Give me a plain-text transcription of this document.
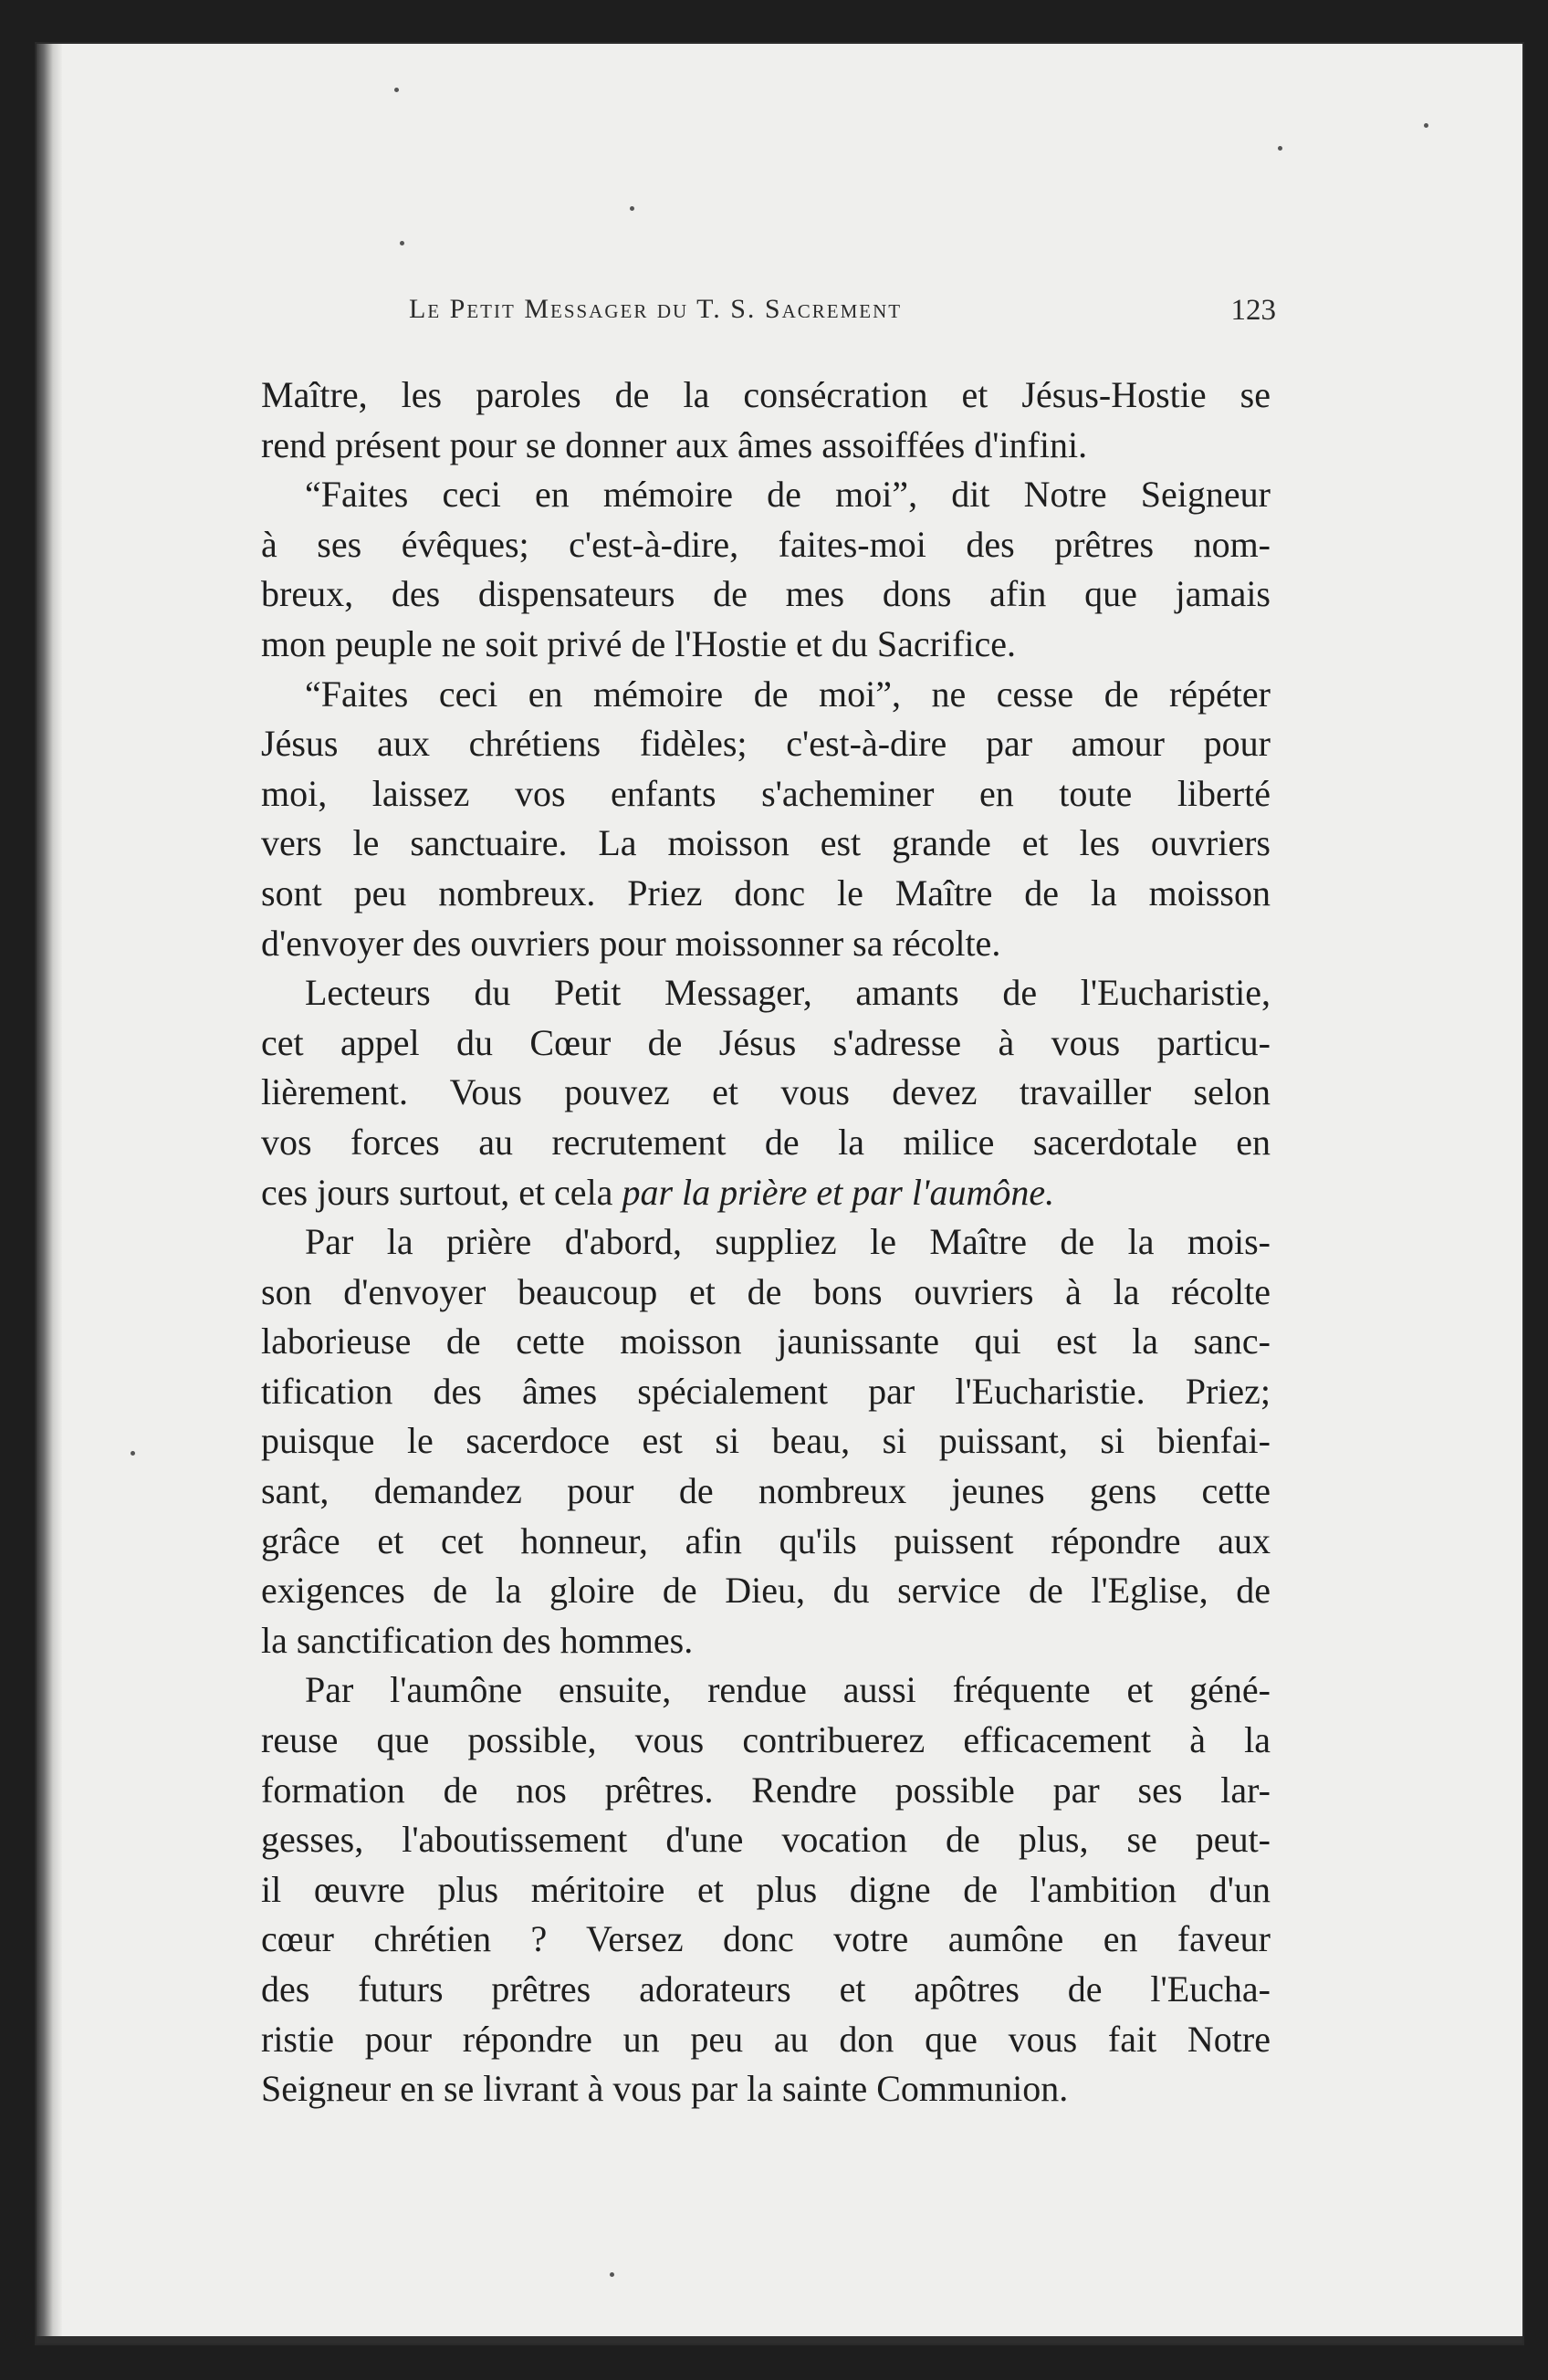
Le Petit Messager du T. S. Sacrement	123
Maître, les paroles de la consécration et Jésus-Hostie se
rend présent pour se donner aux âmes assoiffées d'infini.
“Faites ceci en mémoire de moi”, dit Notre Seigneur
à ses évêques; c'est-à-dire, faites-moi des prêtres nom-
breux, des dispensateurs de mes dons afin que jamais
mon peuple ne soit privé de l'Hostie et du Sacrifice.
“Faites ceci en mémoire de moi”, ne cesse de répéter
Jésus aux chrétiens fidèles; c'est-à-dire par amour pour
moi, laissez vos enfants s'acheminer en toute liberté
vers le sanctuaire. La moisson est grande et les ouvriers
sont peu nombreux. Priez donc le Maître de la moisson
d'envoyer des ouvriers pour moissonner sa récolte.
Lecteurs du Petit Messager, amants de l'Eucharistie,
cet appel du Cœur de Jésus s'adresse à vous particu-
lièrement. Vous pouvez et vous devez travailler selon
vos forces au recrutement de la milice sacerdotale en
ces jours surtout, et cela par la prière et par l'aumône.
Par la prière d'abord, suppliez le Maître de la mois-
son d'envoyer beaucoup et de bons ouvriers à la récolte
laborieuse de cette moisson jaunissante qui est la sanc-
tification des âmes spécialement par l'Eucharistie. Priez;
puisque le sacerdoce est si beau, si puissant, si bienfai-
sant, demandez pour de nombreux jeunes gens cette
grâce et cet honneur, afin qu'ils puissent répondre aux
exigences de la gloire de Dieu, du service de l'Eglise, de
la sanctification des hommes.
Par l'aumône ensuite, rendue aussi fréquente et géné-
reuse que possible, vous contribuerez efficacement à la
formation de nos prêtres. Rendre possible par ses lar-
gesses, l'aboutissement d'une vocation de plus, se peut-
il œuvre plus méritoire et plus digne de l'ambition d'un
cœur chrétien ? Versez donc votre aumône en faveur
des futurs prêtres adorateurs et apôtres de l'Eucha-
ristie pour répondre un peu au don que vous fait Notre
Seigneur en se livrant à vous par la sainte Communion.
